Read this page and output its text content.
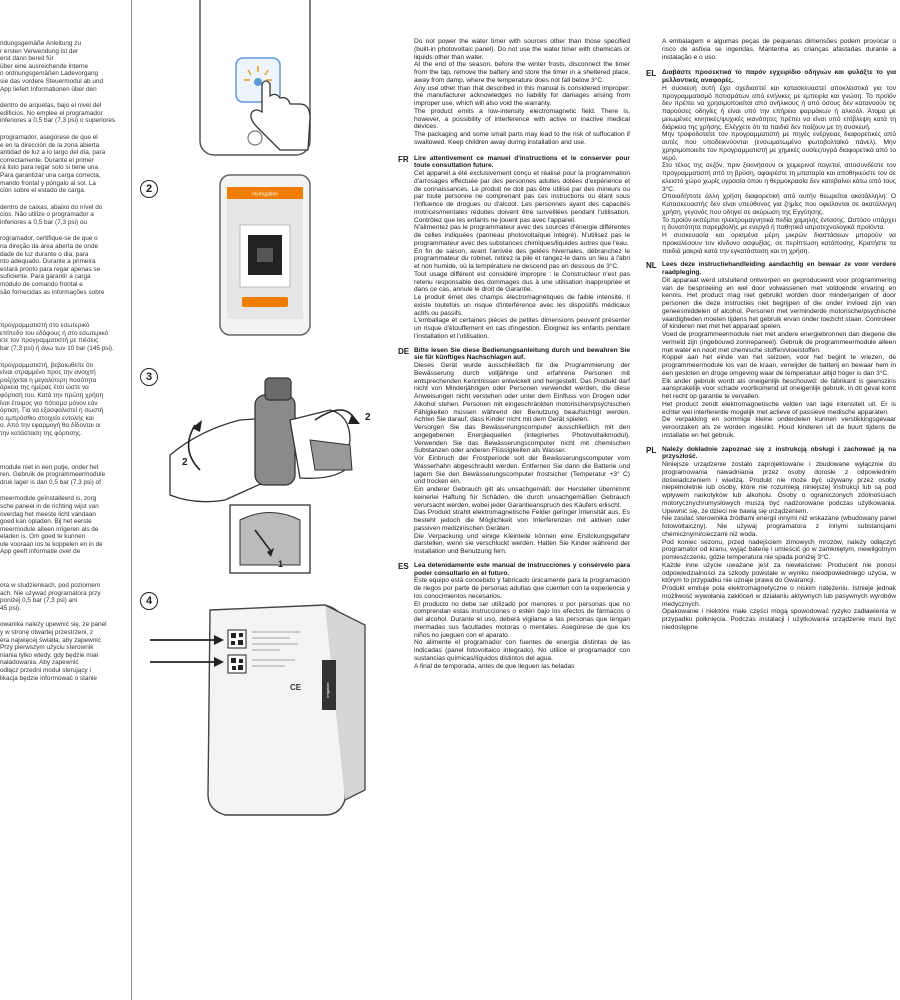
ndungsgemäße Anleitung zu
r ersten Verwendung ist der
erst dann bereit für
über eine ausreichende interne
n ordnungsgemäßen Ladevorgang
sie das vordere Steuermodul ab und
App liefert Informationen über den
dentro de arquetas, bajo el nivel del
edificios. No emplee el programador
inferiores a 0,5 bar (7,3 psi) o superiores
programador, asegúrese de que el
e en la dirección de la zona abierta
antidad de luz a lo largo del día, para
correctamente. Durante el primer
rá listo para regar solo si tiene una
Para garantizar una carga correcta,
mando frontal y póngalo al sol. La
ción sobre el estado de carga.
dentro de caixas, abaixo do nível do
cios. Não utilize o programador a
inferiores a 0,5 bar (7,3 psi) ou
rogramador, certifique-se de que o
na direção da área aberta de onde
dade de luz durante o dia, para
nto adequado. Durante a primeira
estará pronto para regar apenas se
suficiente. Para garantir a carga
módulo de comando frontal e
são fornecidas as informações sobre
προγραμματιστή στο εσωτερικό
επίπεδο του εδάφους ή στο εσωτερικό
ετε τον προγραμματιστή με πιέσεις
bar (7,3 psi) ή άνω των 10 bar (145 psi).
προγραμματιστή, βεβαιωθείτε ότι
είναι στραμμένο προς την ανοιχτή
ροέρχεται η μεγαλύτερη ποσότητα
άρκεια της ημέρας έτσι ώστε να
φόρτισή του. Κατά την πρώτη χρήση
ίναι έτοιμος για πότισμα μόνον εάν
όρτιση. Για να εξασφαλιστεί η σωστή
ο εμπρόσθιο στοιχείο εντολής και
ο. Από την εφαρμογή θα δίδονται οι
την κατάσταση της φόρτισης.
module niet in een putje, onder het
ren. Gebruik de programmeermodule
druk lager is dan 0,5 bar (7,3 psi) of
meermodule geïnstalleerd is, zorg
sche paneel in de richting wijst van
overdag het meeste licht vandaan
goed kan opladen. Bij het eerste
meermodule alleen irrigeren als de
eladen is. Om goed te kunnen
ule vooraan los te koppelen en in de
App geeft informatie over de
ora w studzienkach, pod poziomem
ach. Nie używać programatora przy
poniżej 0,5 bar (7,3 psi) ani
45 psi).
owanika należy upewnić się, że panel
y w stronę otwartej przestrzeni, z
era najwięcej światła, aby zapewnić
Przy pierwszym użyciu sterownik
niania tylko wtedy, gdy będzie miał
naładowania. Aby zapewnić
odłącz przedni moduł sterujący i
likacja będzie informować o stanie
myirrigation
2
2
1
CE	Irrigation
2
3
4

Do not power the water timer with sources other than those specified (built-in photovoltaic panel). Do not use the water timer with chemicals or liquids other than water.

At the end of the season, before the winter frosts, disconnect the timer from the tap, remove the battery and store the timer in a sheltered place, away from damp, where the temperature does not fall below 3°C.

Any use other than that described in this manual is considered improper: the manufacturer acknowledges no liability for damages arising from improper use, which will also void the warranty.

The product emits a low-intensity electromagnetic field. There is, however, a possibility of interference with active or inactive medical devices.

The packaging and some small parts may lead to the risk of suffocation if swallowed. Keep children away during installation and use.

FR Lire attentivement ce manuel d'instructions et le conserver pour toute consultation future.

Cet appareil a été exclusivement conçu et réalisé pour la programmation d'arrosages effectuée par des personnes adultes dotées d'expérience et de connaissances. Le produit ne doit pas être utilisé par des mineurs ou par toute personne ne comprenant pas ces instructions ou étant sous l'influence de drogues ou d'alcool. Les personnes ayant des capacités motrices/mentales réduites doivent être surveillées pendant l'utilisation. Contrôlez que les enfants ne jouent pas avec l'appareil.

N'alimentez pas le programmateur avec des sources d'énergie différentes de celles indiquées (panneau photovoltaïque intégré). N'utilisez pas le programmateur avec des substances chimiques/liquides autres que l'eau.

En fin de saison, avant l'arrivée des gelées hivernales, débranchez le programmateur du robinet, retirez la pile et rangez-le dans un lieu à l'abri et non humide, où la température ne descend pas en dessous de 3°C.

Tout usage différent est considéré impropre : le Constructeur n'est pas retenu responsable des dommages dus à une utilisation inappropriée et dans ce cas, annule le droit de Garantie.

Le produit émet des champs électromagnétiques de faible intensité. Il existe toutefois un risque d'interférence avec les dispositifs médicaux actifs ou passifs.

L'emballage et certaines pièces de petites dimensions peuvent présenter un risque d'étouffement en cas d'ingestion. Éloignez les enfants pendant l'installation et l'utilisation.

DE Bitte lesen Sie diese Bedienungsanleitung durch und bewahren Sie sie für künftiges Nachschlagen auf.

Dieses Gerät wurde ausschließlich für die Programmierung der Bewässerung durch volljährige und erfahrene Personen mit entsprechenden Kenntnissen entwickelt und hergestellt. Das Produkt darf nicht von Minderjährigen oder Personen verwendet werden, die diese Anweisungen nicht verstehen oder unter dem Einfluss von Drogen oder Alkohol stehen. Personen mit eingeschränkten motorischen/psychischen Fähigkeiten müssen während der Benutzung beaufsichtigt werden. Achten Sie darauf, dass Kinder nicht mit dem Gerät spielen.

Versorgen Sie das Bewässerungscomputer ausschließlich mit den angegebenen Energiequellen (integriertes Photovoltaikmodul). Verwenden Sie das Bewässerungscomputer nicht mit chemischen Substanzen oder anderen Flüssigkeiten als Wasser.

Vor Einbruch der Frostperiode soll der Bewässerungscomputer vom Wasserhahn abgeschraubt werden. Entfernen Sie dann die Batterie und lagern Sie den Bewässerungscomputer frostsicher (Temperatur +3° C) und trocken ein.

Ein anderer Gebrauch gilt als unsachgemäß: der Hersteller übernimmt keinerlei Haftung für Schäden, die durch unsachgemäßen Gebrauch verursacht werden, wobei jeder Garantieanspruch des Käufers erlischt.

Das Produkt strahlt elektromagnetische Felder geringer Intensität aus. Es besteht jedoch die Möglichkeit von Interferenzen mit aktiven oder passiven medizinischen Geräten.

Die Verpackung und einige Kleinteile können eine Erstickungsgefahr darstellen, wenn sie verschluckt werden. Halten Sie Kinder während der Installation und Benutzung fern.

ES Lea detenidamente este manual de instrucciones y consérvelo para poder consultarlo en el futuro.

Este equipo está concebido y fabricado únicamente para la programación de riegos por parte de personas adultas que cuenten con la experiencia y los conocimientos necesarios.

El producto no debe ser utilizado por menores o por personas que no comprendan estas instrucciones o estén bajo los efectos de fármacos o del alcohol. Durante el uso, deberá vigilarse a las personas que tengan mermadas sus facultades motoras o mentales. Asegúrese de que los niños no jueguen con el aparato.

No alimente el programador con fuentes de energía distintas de las indicadas (panel fotovoltaico integrado). No utilice el programador con sustancias químicas/líquidos distintos del agua.

A final de temporada, antes de que lleguen las heladas

A embalagem e algumas peças de pequenas dimensões podem provocar o risco de asfixia se ingeridas. Mantenha as crianças afastadas durante a instalação e o uso.

EL Διαβάστε προσεκτικά το παρόν εγχειρίδιο οδηγιών και φυλάξτε το για μελλοντικές αναφορές.

Η συσκευή αυτή έχει σχεδιαστεί και κατασκευαστεί αποκλειστικά για τον προγραμματισμό ποτισμάτων από ενήλικες με εμπειρία και γνώση. Το προϊόν δεν πρέπει να χρησιμοποιείται από ανήλικους ή από όσους δεν κατανοούν τις παρούσες οδηγίες ή είναι υπό την επήρεια φαρμάκων ή αλκοόλ. Άτομα με μειωμένες κινητικές/ψυχικές ικανότητες πρέπει να είναι υπό επίβλεψη κατά τη διάρκεια της χρήσης. Ελέγχετε ότι τα παιδιά δεν παίζουν με τη συσκευή.

Μην τροφοδοτείτε τον προγραμματιστή με πηγές ενέργειας διαφορετικές από αυτές που υποδεικνύονται (ενσωματωμένο φωτοβολταϊκό πάνελ). Μην χρησιμοποιείτε τον προγραμματιστή με χημικές ουσίες/υγρά διαφορετικά από το νερό.

Στο τέλος της σεζόν, πριν ξεκινήσουν οι χειμερινοί παγετοί, αποσυνδέστε τον προγραμματιστή από τη βρύση, αφαιρέστε τη μπαταρία και αποθηκεύστε τον σε κλειστό χώρο χωρίς υγρασία όπου η θερμοκρασία δεν κατεβαίνει κάτω από τους 3°C.

Οποιαδήποτε άλλη χρήση διαφορετική από αυτήν θεωρείται ακατάλληλη: Ο Κατασκευαστής δεν είναι υπεύθυνος για ζημίες που οφείλονται σε ακατάλληλη χρήση, γεγονός που οδηγεί σε ακύρωση της Εγγύησης.

Το προϊόν εκπέμπει ηλεκτρομαγνητικά πεδία χαμηλής έντασης. Ωστόσο υπάρχει η δυνατότητα παρεμβολής με ενεργά ή παθητικά ιατροτεχνολογικά προϊόντα.

Η συσκευασία και ορισμένα μέρη μικρών διαστάσεων μπορούν να προκαλέσουν τον κίνδυνο ασφυξίας, σε περίπτωση κατάποσης. Κρατήστε τα παιδιά μακριά κατά την εγκατάσταση και τη χρήση.

NL Lees deze instructiehandleiding aandachtig en bewaar ze voor verdere raadpleging.

Dit apparaat werd uitsluitend ontworpen en geproduceerd voor programmering van de besproeiing en wel door volwassenen met voldoende ervaring en kennis. Het product mag niet gebruikt worden door minderjarigen of door personen die deze instructies niet begrijpen of die onder invloed zijn van geneesmiddelen of alcohol. Personen met verminderde motorische/psychische vaardigheden moeten tijdens het gebruik ervan onder toezicht staan. Controleer of kinderen niet met het apparaat spelen.

Voed de programmeermodule niet met andere energiebronnen dan diegene die vermeld zijn (ingebouwd zonnepaneel). Gebruik de programmeermodule alleen met water en nooit met chemische stoffen/vloeistoffen.

Koppel aan het einde van het seizoen, voor het begint te vriezen, de programmeermodule los van de kraan, verwijder de batterij en bewaar hem in een gesloten en droge omgeving waar de temperatuur altijd hoger is dan 3°C.

Elk ander gebruik wordt als oneigenlijk beschouwd: de fabrikant is geenszins aansprakelijk voor schade voortkomend uit oneigenlijk gebruik, in dit geval komt het recht op garantie te vervallen.

Het product zendt elektromagnetische velden van lage intensiteit uit. Er is echter wel interferentie mogelijk met actieve of passieve medische apparaten.

De verpakking en sommige kleine onderdelen kunnen verstikkingsgevaar veroorzaken als ze worden ingeslikt. Houd kinderen uit de buurt tijdens de installatie en het gebruik.

PL Należy dokładnie zapoznać się z instrukcją obsługi i zachować ją na przyszłość.

Niniejsze urządzenie zostało zaprojektowane i zbudowane wyłącznie do programowania nawadniania przez osoby dorosłe z odpowiednim doświadczeniem i wiedzą. Produkt nie może być używany przez osoby niepełnoletnie lub osoby, które nie rozumieją niniejszej instrukcji lub są pod wpływem narkotyków lub alkoholu. Osoby o ograniczonych zdolnościach motorycznych/umysłowych muszą być nadzorowane podczas użytkowania. Upewnić się, że dzieci nie bawią się urządzeniem.

Nie zasilać sterownika źródłami energii innymi niż wskazane (wbudowany panel fotowoltaiczny). Nie używaj programatora z innymi substancjami chemicznymi/cieczami niż woda.

Pod koniec sezonu, przed nadejściem zimowych mrozów, należy odłączyć programator od kranu, wyjąć baterię i umieścić go w zamkniętym, niewilgotnym pomieszczeniu, gdzie temperatura nie spada poniżej 3°C.

Każde inne użycie uważane jest za niewłaściwe: Producent nie ponosi odpowiedzialności za szkody powstałe w wyniku nieodpowiedniego użycia, w którym to przypadku nie uznaje prawa do Gwarancji.

Produkt emituje pola elektromagnetyczne o niskim natężeniu. Istnieje jednak możliwość wywołania zakłóceń w działaniu aktywnych lub pasywnych wyrobów medycznych.

Opakowanie i niektóre małe części mogą spowodować ryzyko zadławienia w przypadku połknięcia. Podczas instalacji i użytkowania urządzenie musi być niedostępne
